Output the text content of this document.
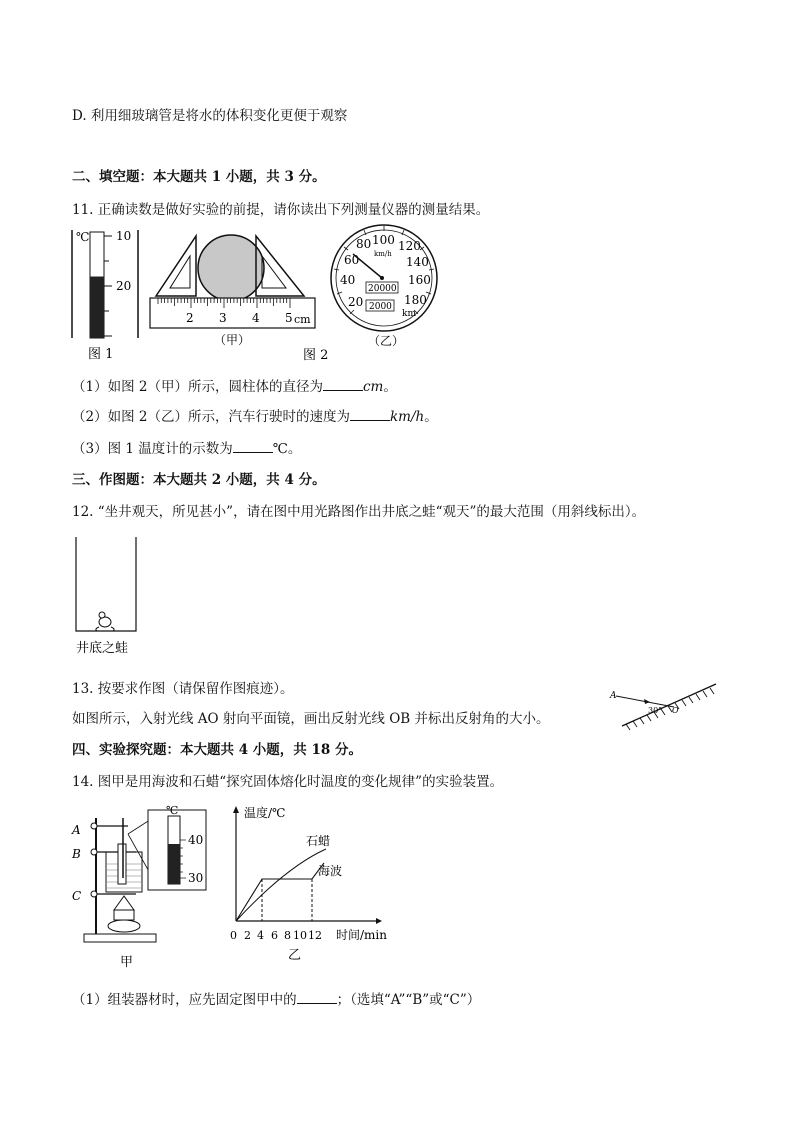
D. 利用细玻璃管是将水的体积变化更便于观察
二、填空题：本大题共 1 小题，共 3 分。
11. 正确读数是做好实验的前提，请你读出下列测量仪器的测量结果。
℃ 10
20
图 1
2 3 4 5 cm
（甲）
图 2
20
40
60
80 100 120
140
160
180
km/h
20000
2000
km
（乙）
（1）如图 2（甲）所示，圆柱体的直径为	cm。
（2）如图 2（乙）所示，汽车行驶时的速度为	km/h。
（3）图 1 温度计的示数为	℃。
三、作图题：本大题共 2 小题，共 4 分。
12. “坐井观天，所见甚小”，请在图中用光路图作出井底之蛙“观天”的最大范围（用斜线标出）。
井底之蛙
13. 按要求作图（请保留作图痕迹）。
如图所示，入射光线 AO 射向平面镜，画出反射光线 OB 并标出反射角的大小。
A
O
30°
四、实验探究题：本大题共 4 小题，共 18 分。
14. 图甲是用海波和石蜡“探究固体熔化时温度的变化规律”的实验装置。
℃
40
30
A
B
C
甲
温度/℃
时间/min
石蜡
海波
0 2 4 6 8 10 12
乙
（1）组装器材时，应先固定图甲中的	；（选填“A”“B”或“C”）
